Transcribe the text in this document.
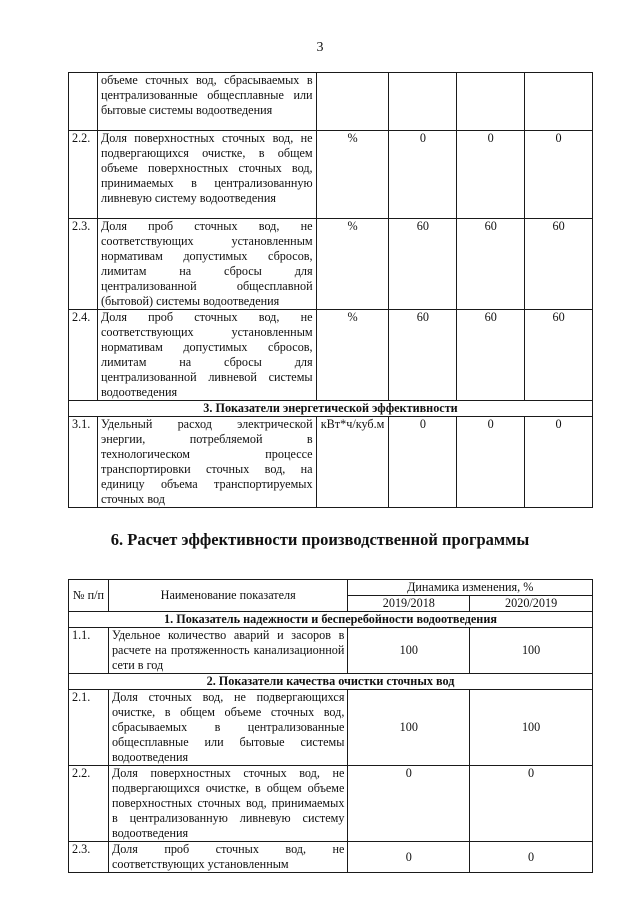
3
	объеме сточных вод, сбрасываемых в централизованные общесплавные или бытовые системы водоотведения				
2.2.	Доля поверхностных сточных вод, не подвергающихся очистке, в общем объеме поверхностных сточных вод, принимаемых в централизованную ливневую систему водоотведения	%	0	0	0
2.3.	Доля проб сточных вод, не соответствующих установленным нормативам допустимых сбросов, лимитам на сбросы для централизованной общесплавной (бытовой) системы водоотведения	%	60	60	60
2.4.	Доля проб сточных вод, не соответствующих установленным нормативам допустимых сбросов, лимитам на сбросы для централизованной ливневой системы водоотведения	%	60	60	60
3. Показатели энергетической эффективности					
3.1.	Удельный расход электрической энергии, потребляемой в технологическом процессе транспортировки сточных вод, на единицу объема транспортируемых сточных вод	кВт*ч/куб.м	0	0	0
6. Расчет эффективности производственной программы
№ п/п	Наименование показателя	Динамика изменения, %	
		2019/2018	2020/2019
1. Показатель надежности и бесперебойности водоотведения			
1.1.	Удельное количество аварий и засоров в расчете на протяженность канализационной сети в год	100	100
2. Показатели качества очистки сточных вод			
2.1.	Доля сточных вод, не подвергающихся очистке, в общем объеме сточных вод, сбрасываемых в централизованные общесплавные или бытовые системы водоотведения	100	100
2.2.	Доля поверхностных сточных вод, не подвергающихся очистке, в общем объеме поверхностных сточных вод, принимаемых в централизованную ливневую систему водоотведения	0	0
2.3.	Доля проб сточных вод, не соответствующих установленным	0	0
